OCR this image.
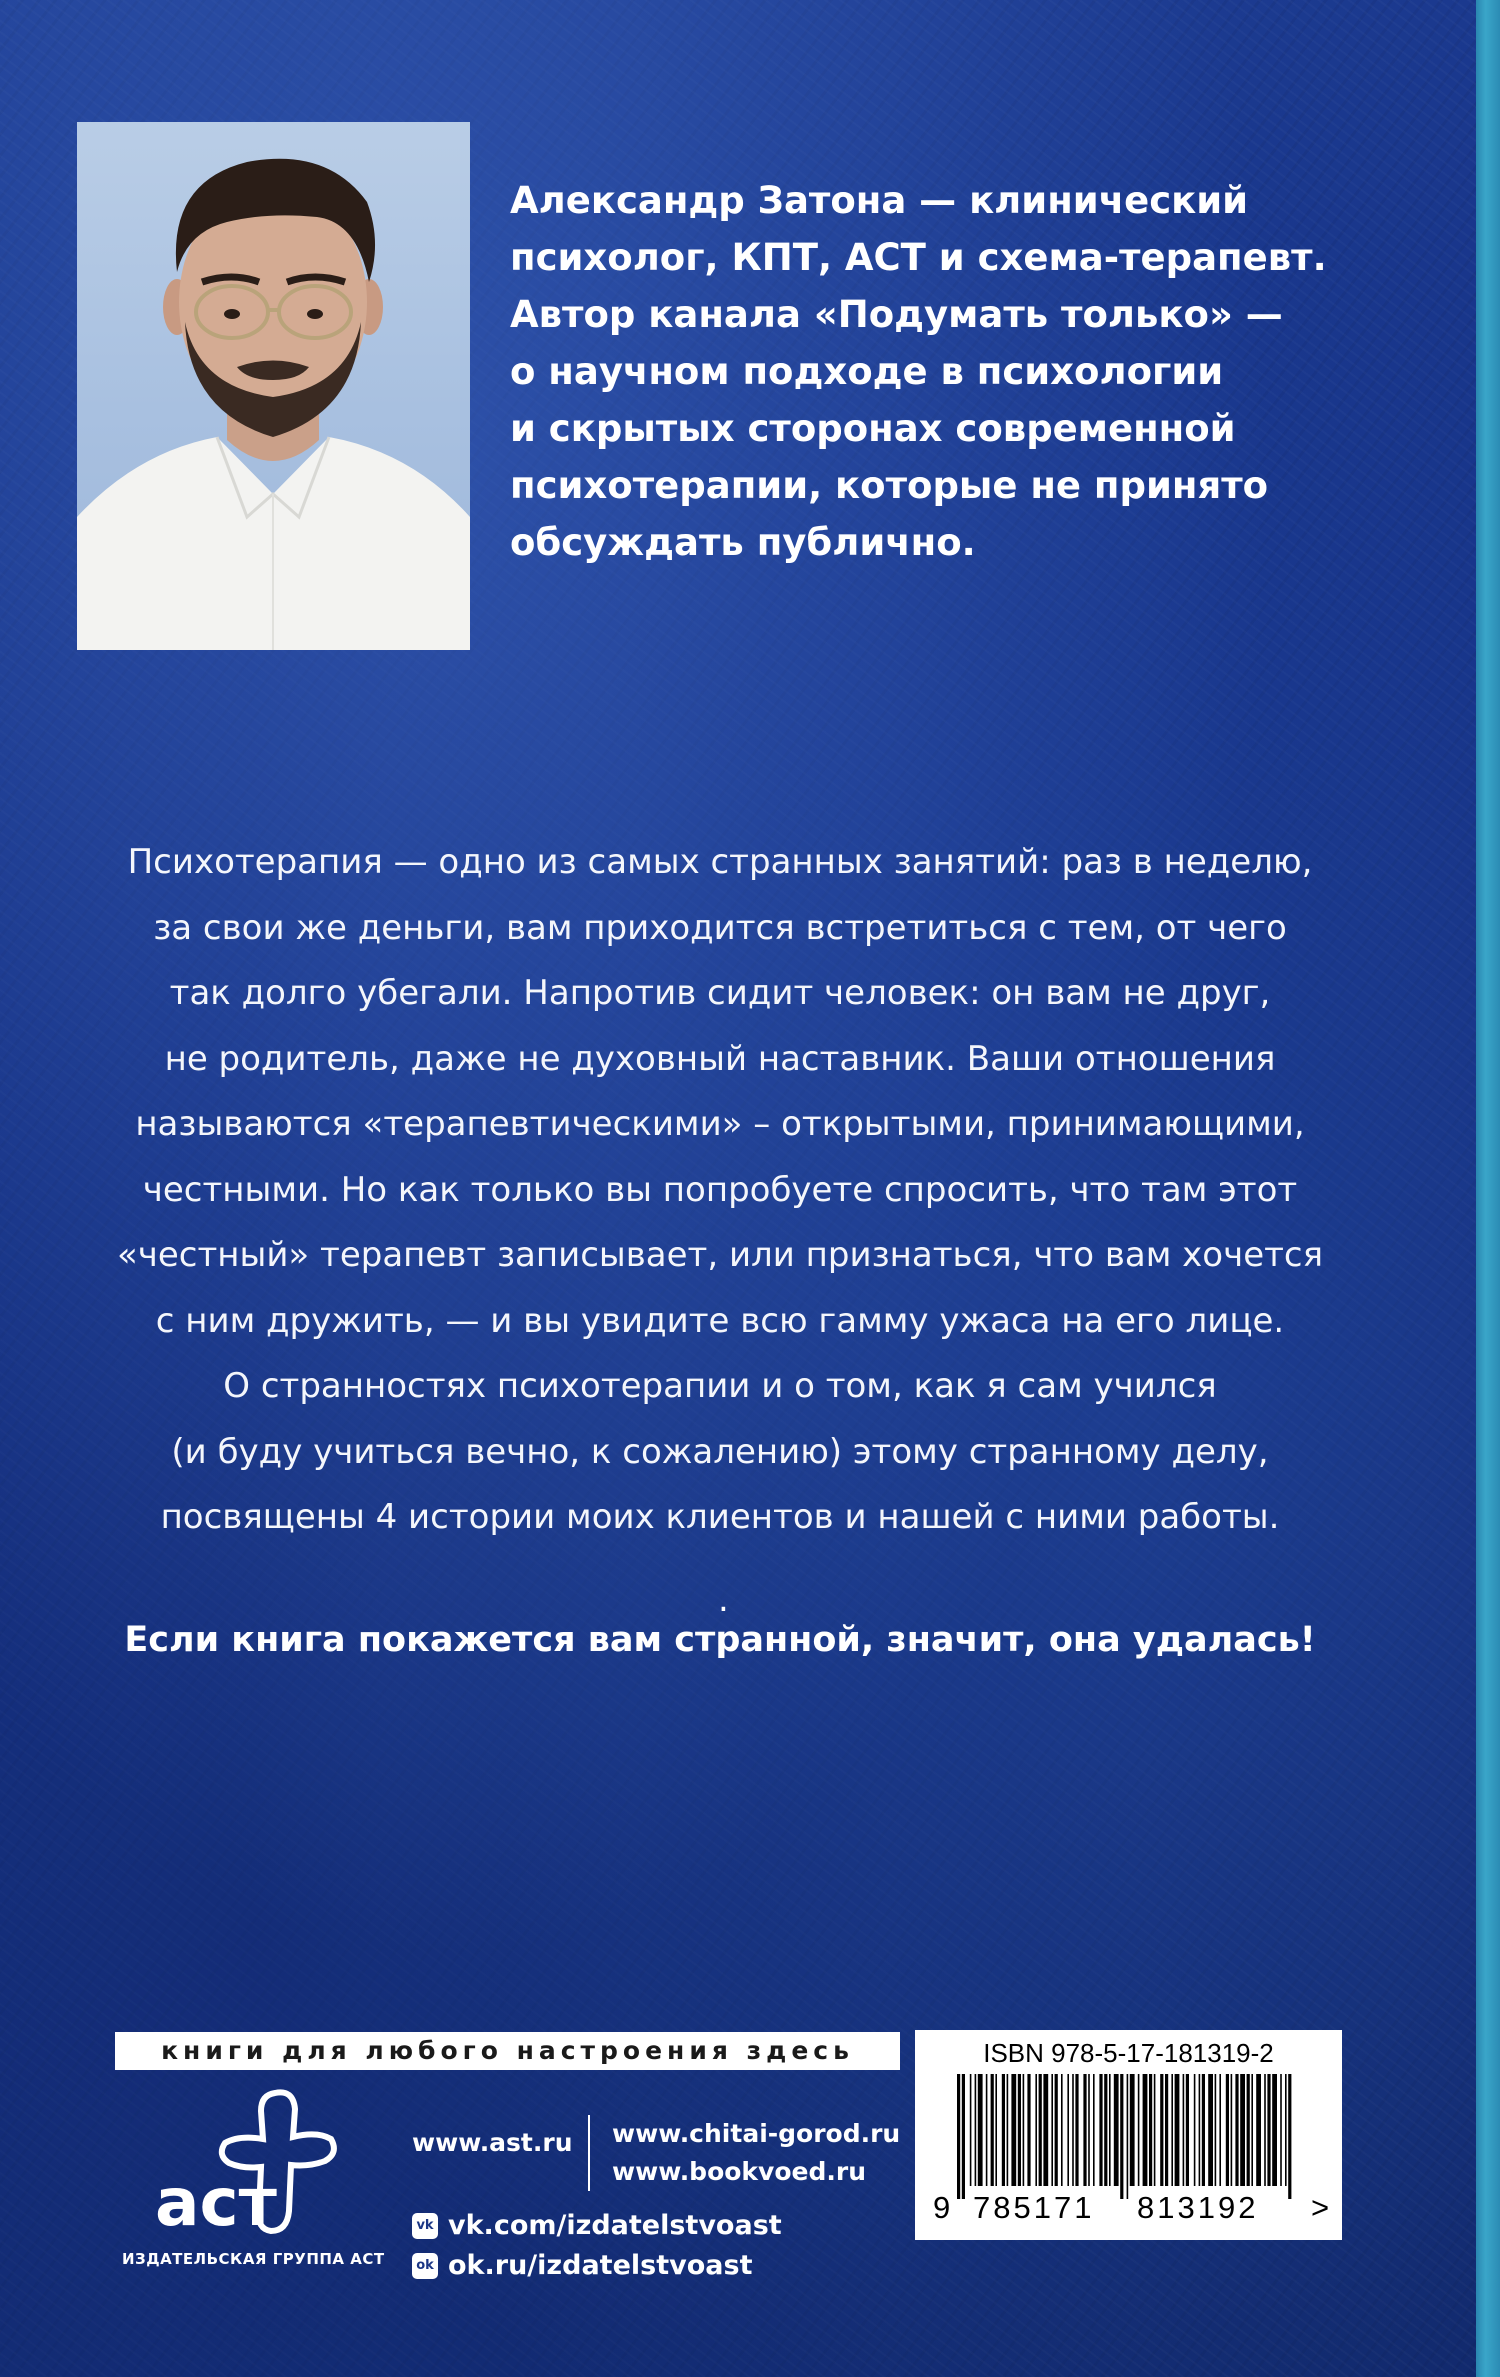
Александр Затона — клинический
психолог, КПТ, АСТ и схема-терапевт.
Автор канала «Подумать только» —
о научном подходе в психологии
и скрытых сторонах современной
психотерапии, которые не принято
обсуждать публично.

Психотерапия — одно из самых странных занятий: раз в неделю,

за свои же деньги, вам приходится встретиться с тем, от чего

так долго убегали. Напротив сидит человек: он вам не друг,

не родитель, даже не духовный наставник. Ваши отношения

называются «терапевтическими» – открытыми, принимающими,

честными. Но как только вы попробуете спросить, что там этот

«честный» терапевт записывает, или признаться, что вам хочется

с ним дружить, — и вы увидите всю гамму ужаса на его лице.

О странностях психотерапии и о том, как я сам учился

(и буду учиться вечно, к сожалению) этому странному делу,

посвящены 4 истории моих клиентов и нашей с ними работы.

.
Если книга покажется вам странной, значит, она удалась!
книги для любого настроения здесь
аст
ИЗДАТЕЛЬСКАЯ ГРУППА АСТ
www.ast.ru www.chitai-gorod.ru
www.bookvoed.ru
vk vk.com/izdatelstvoast
ok ok.ru/izdatelstvoast
ISBN 978-5-17-181319-2
9 785171 813192 >
